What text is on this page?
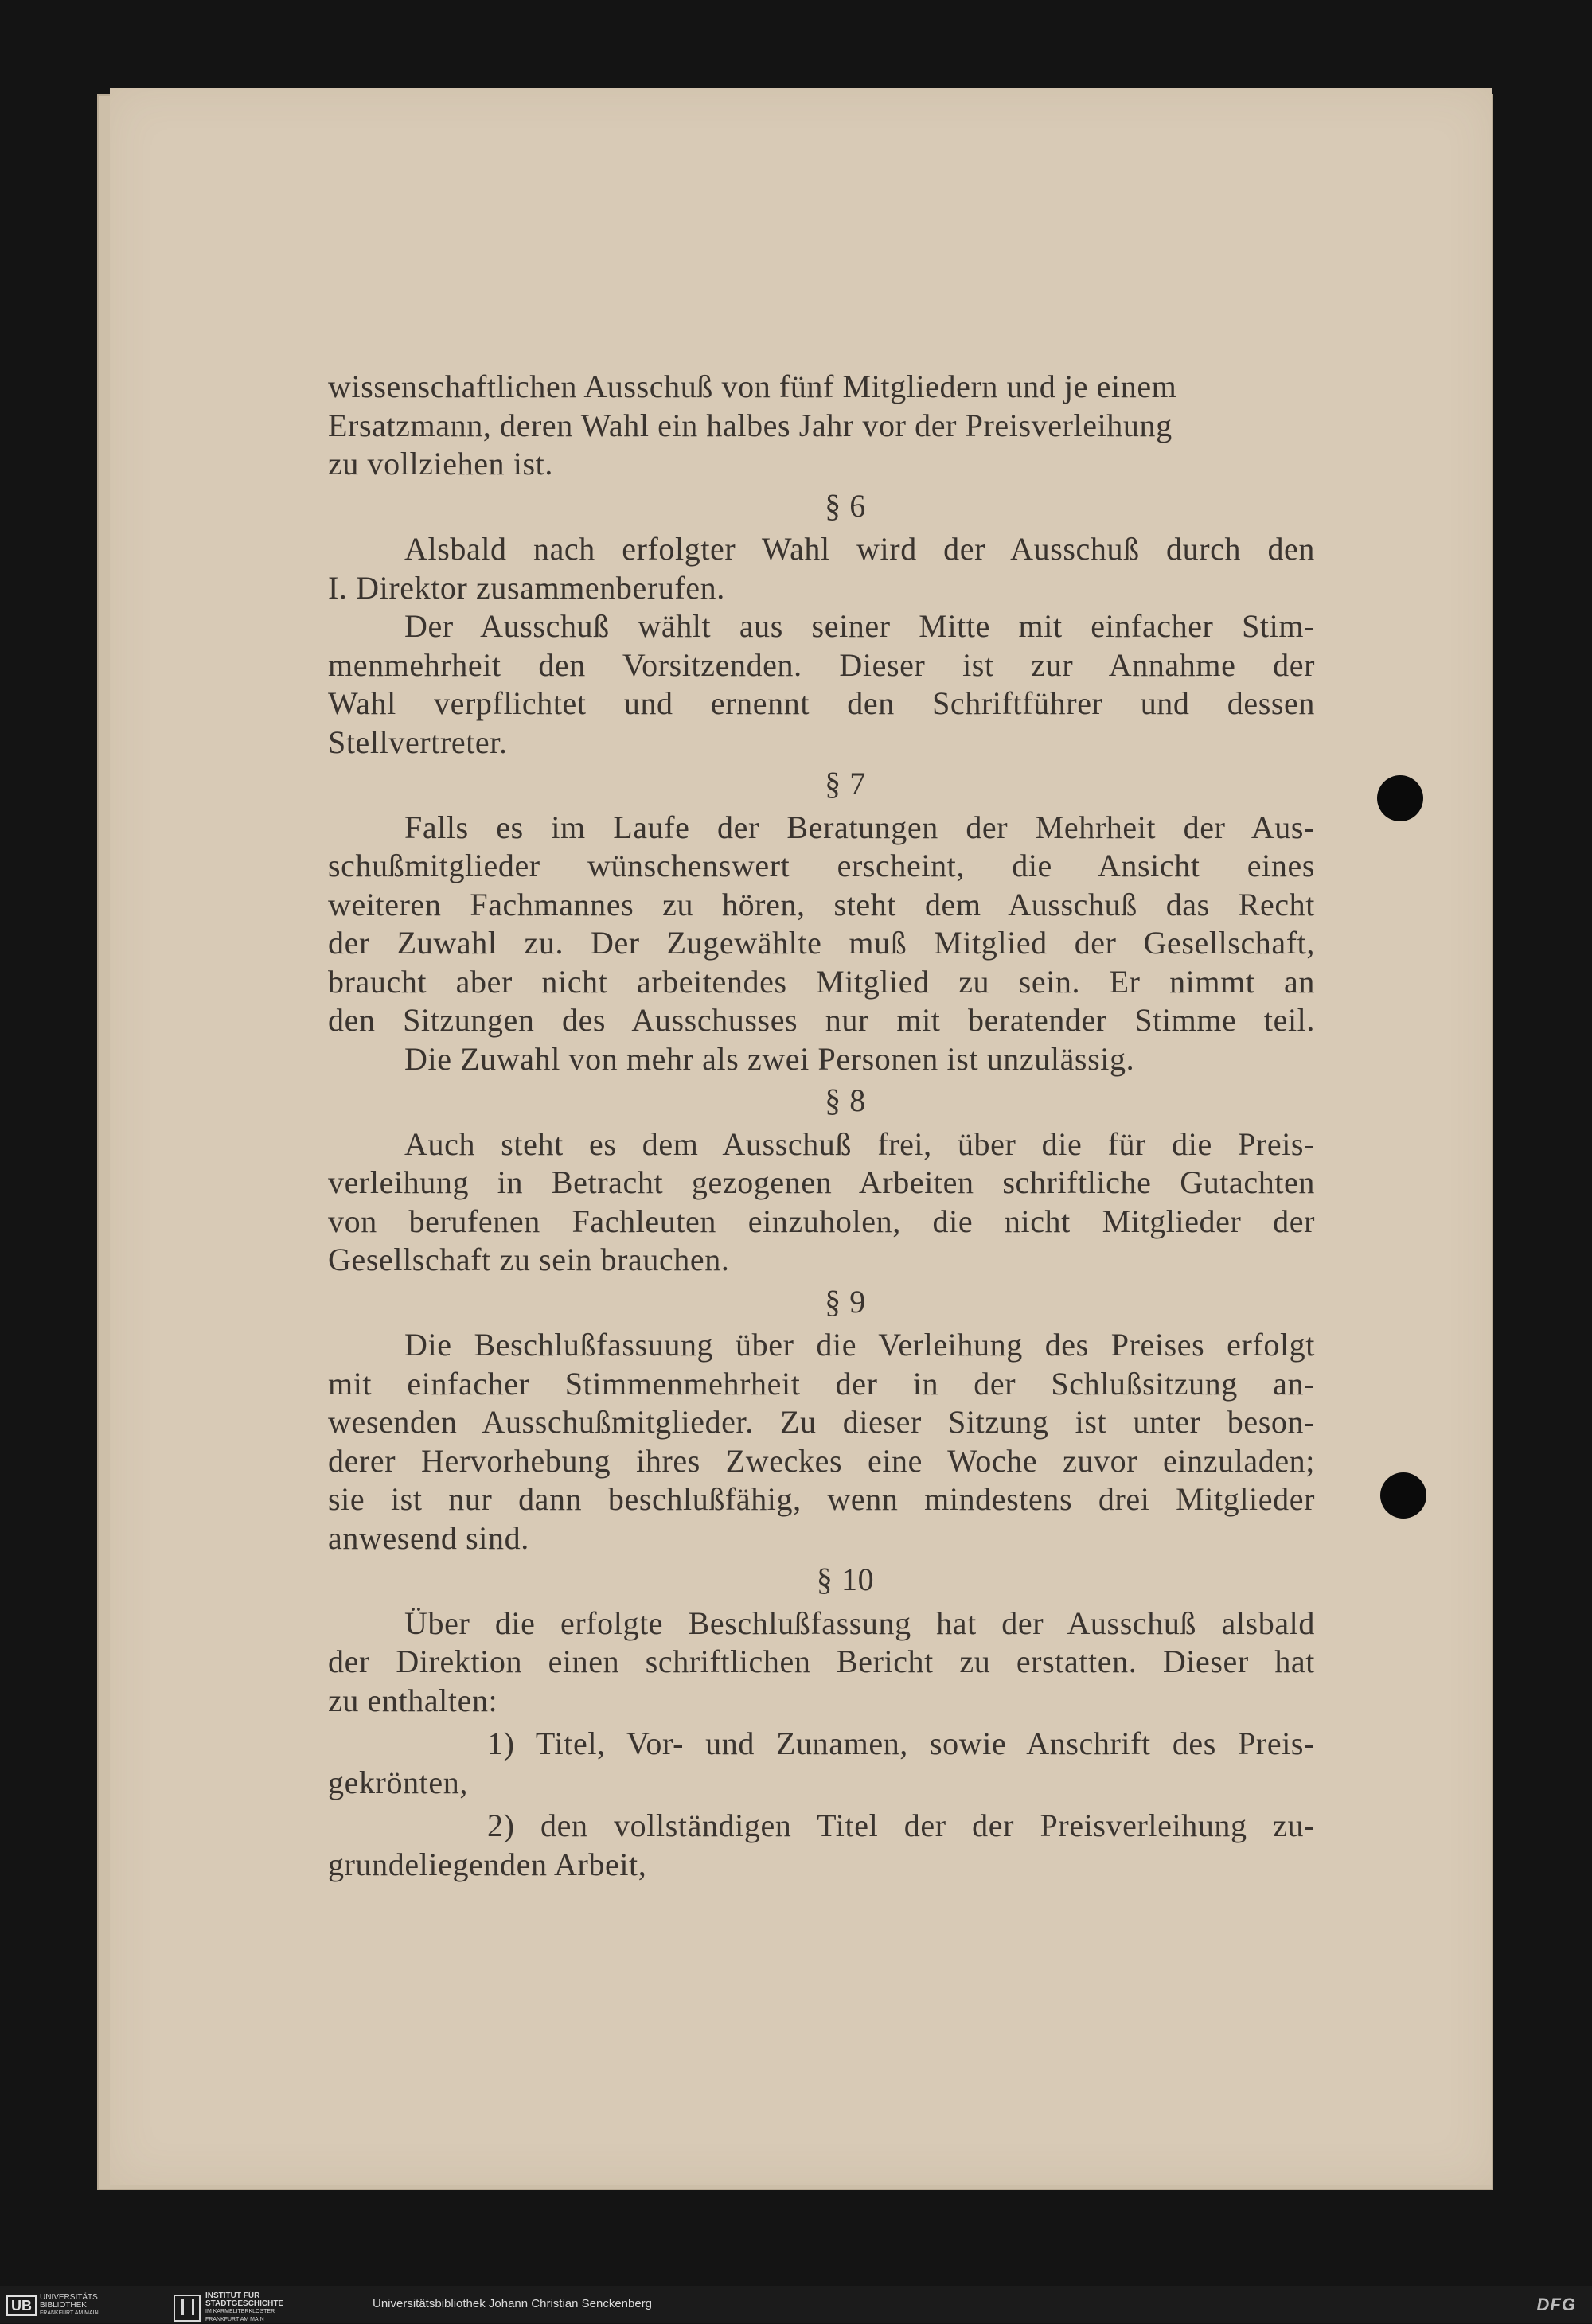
wissenschaftlichen Ausschuß von fünf Mitgliedern und je einem
Ersatzmann, deren Wahl ein halbes Jahr vor der Preisverleihung
zu vollziehen ist.

§ 6

Alsbald nach erfolgter Wahl wird der Ausschuß durch den
I. Direktor zusammenberufen.

Der Ausschuß wählt aus seiner Mitte mit einfacher Stim-
menmehrheit den Vorsitzenden. Dieser ist zur Annahme der
Wahl verpflichtet und ernennt den Schriftführer und dessen
Stellvertreter.

§ 7

Falls es im Laufe der Beratungen der Mehrheit der Aus-
schußmitglieder wünschenswert erscheint, die Ansicht eines
weiteren Fachmannes zu hören, steht dem Ausschuß das Recht
der Zuwahl zu. Der Zugewählte muß Mitglied der Gesellschaft,
braucht aber nicht arbeitendes Mitglied zu sein. Er nimmt an
den Sitzungen des Ausschusses nur mit beratender Stimme teil.

Die Zuwahl von mehr als zwei Personen ist unzulässig.

§ 8

Auch steht es dem Ausschuß frei, über die für die Preis-
verleihung in Betracht gezogenen Arbeiten schriftliche Gutachten
von berufenen Fachleuten einzuholen, die nicht Mitglieder der
Gesellschaft zu sein brauchen.

§ 9

Die Beschlußfassuung über die Verleihung des Preises erfolgt
mit einfacher Stimmenmehrheit der in der Schlußsitzung an-
wesenden Ausschußmitglieder. Zu dieser Sitzung ist unter beson-
derer Hervorhebung ihres Zweckes eine Woche zuvor einzuladen;
sie ist nur dann beschlußfähig, wenn mindestens drei Mitglieder
anwesend sind.

§ 10

Über die erfolgte Beschlußfassung hat der Ausschuß alsbald
der Direktion einen schriftlichen Bericht zu erstatten. Dieser hat
zu enthalten:

1) Titel, Vor- und Zunamen, sowie Anschrift des Preis-
gekrönten,

2) den vollständigen Titel der der Preisverleihung zu-
grundeliegenden Arbeit,

UB
UNIVERSITÄTS
BIBLIOTHEK
FRANKFURT AM MAIN
INSTITUT FÜR
STADTGESCHICHTE
IM KARMELITERKLOSTER
FRANKFURT AM MAIN
Universitätsbibliothek Johann Christian Senckenberg	DFG
